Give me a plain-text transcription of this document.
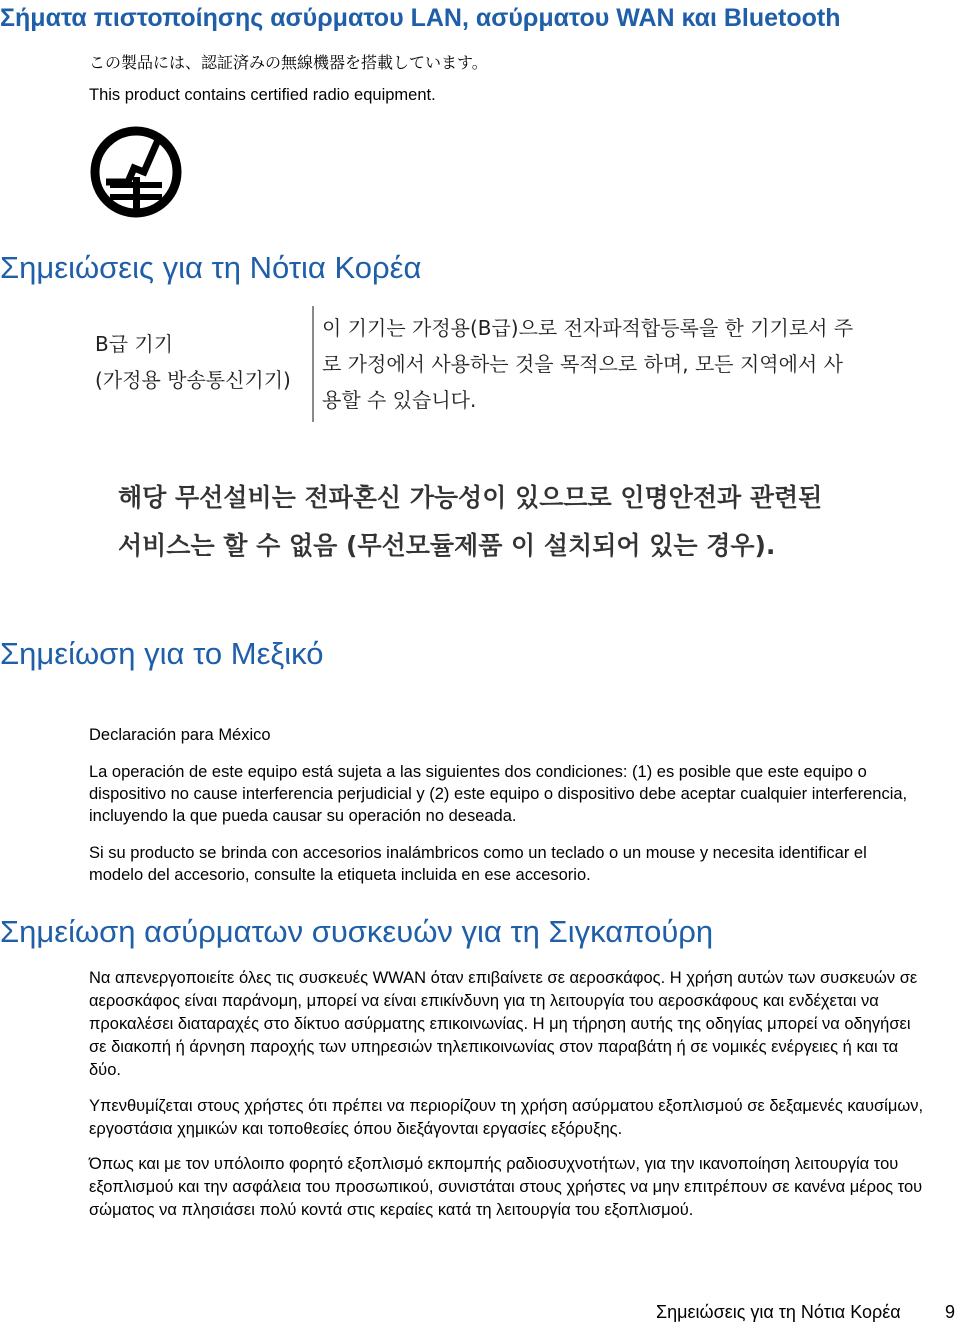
Σήματα πιστοποίησης ασύρματου LAN, ασύρματου WAN και Bluetooth
この製品には、認証済みの無線機器を搭載しています。
This product contains certified radio equipment.
Σημειώσεις για τη Νότια Κορέα
B급 기기
(가정용 방송통신기기)
이 기기는 가정용(B급)으로 전자파적합등록을 한 기기로서 주
로 가정에서 사용하는 것을 목적으로 하며, 모든 지역에서 사
용할 수 있습니다.
해당 무선설비는 전파혼신 가능성이 있으므로 인명안전과 관련된
서비스는 할 수 없음 (무선모듈제품 이 설치되어 있는 경우).
Σημείωση για το Μεξικό
Declaración para México

La operación de este equipo está sujeta a las siguientes dos condiciones: (1) es posible que este equipo o dispositivo no cause interferencia perjudicial y (2) este equipo o dispositivo debe aceptar cualquier interferencia, incluyendo la que pueda causar su operación no deseada.

Si su producto se brinda con accesorios inalámbricos como un teclado o un mouse y necesita identificar el modelo del accesorio, consulte la etiqueta incluida en ese accesorio.

Σημείωση ασύρματων συσκευών για τη Σιγκαπούρη

Να απενεργοποιείτε όλες τις συσκευές WWAN όταν επιβαίνετε σε αεροσκάφος. Η χρήση αυτών των συσκευών σε αεροσκάφος είναι παράνομη, μπορεί να είναι επικίνδυνη για τη λειτουργία του αεροσκάφους και ενδέχεται να προκαλέσει διαταραχές στο δίκτυο ασύρματης επικοινωνίας. Η μη τήρηση αυτής της οδηγίας μπορεί να οδηγήσει σε διακοπή ή άρνηση παροχής των υπηρεσιών τηλεπικοινωνίας στον παραβάτη ή σε νομικές ενέργειες ή και τα δύο.

Υπενθυμίζεται στους χρήστες ότι πρέπει να περιορίζουν τη χρήση ασύρματου εξοπλισμού σε δεξαμενές καυσίμων, εργοστάσια χημικών και τοποθεσίες όπου διεξάγονται εργασίες εξόρυξης.

Όπως και με τον υπόλοιπο φορητό εξοπλισμό εκπομπής ραδιοσυχνοτήτων, για την ικανοποίηση λειτουργία του εξοπλισμού και την ασφάλεια του προσωπικού, συνιστάται στους χρήστες να μην επιτρέπουν σε κανένα μέρος του σώματος να πλησιάσει πολύ κοντά στις κεραίες κατά τη λειτουργία του εξοπλισμού.

Σημειώσεις για τη Νότια Κορέα 9
